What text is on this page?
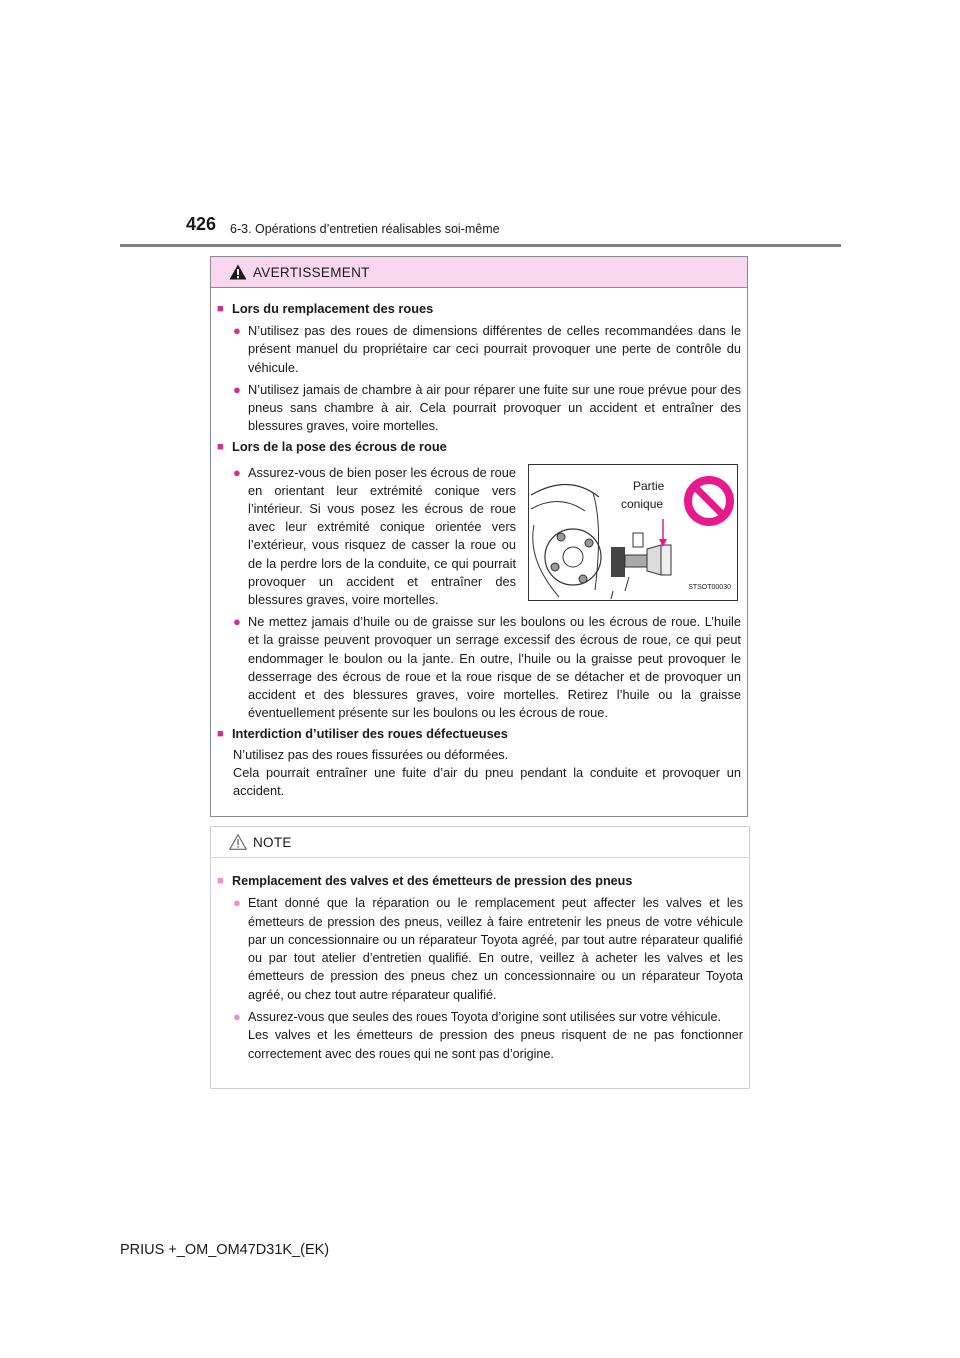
426 6-3. Opérations d’entretien réalisables soi-même
AVERTISSEMENT
■ Lors du remplacement des roues
● N’utilisez pas des roues de dimensions différentes de celles recommandées dans le présent manuel du propriétaire car ceci pourrait provoquer une perte de contrôle du véhicule.
● N’utilisez jamais de chambre à air pour réparer une fuite sur une roue prévue pour des pneus sans chambre à air. Cela pourrait provoquer un accident et entraîner des blessures graves, voire mortelles.
■ Lors de la pose des écrous de roue
● Assurez-vous de bien poser les écrous de roue en orientant leur extrémité conique vers l’intérieur. Si vous posez les écrous de roue avec leur extrémité conique orientée vers l’extérieur, vous risquez de casser la roue ou de la perdre lors de la conduite, ce qui pourrait provoquer un accident et entraîner des blessures graves, voire mortelles.
Partie
conique
STSOT00030
● Ne mettez jamais d’huile ou de graisse sur les boulons ou les écrous de roue. L’huile et la graisse peuvent provoquer un serrage excessif des écrous de roue, ce qui peut endommager le boulon ou la jante. En outre, l’huile ou la graisse peut provoquer le desserrage des écrous de roue et la roue risque de se détacher et de provoquer un accident et des blessures graves, voire mortelles. Retirez l’huile ou la graisse éventuellement présente sur les boulons ou les écrous de roue.
■ Interdiction d’utiliser des roues défectueuses
N’utilisez pas des roues fissurées ou déformées.
Cela pourrait entraîner une fuite d’air du pneu pendant la conduite et provoquer un accident.
NOTE
■ Remplacement des valves et des émetteurs de pression des pneus
● Etant donné que la réparation ou le remplacement peut affecter les valves et les émetteurs de pression des pneus, veillez à faire entretenir les pneus de votre véhicule par un concessionnaire ou un réparateur Toyota agréé, par tout autre réparateur qualifié ou par tout atelier d’entretien qualifié. En outre, veillez à acheter les valves et les émetteurs de pression des pneus chez un concessionnaire ou un réparateur Toyota agréé, ou chez tout autre réparateur qualifié.
● Assurez-vous que seules des roues Toyota d’origine sont utilisées sur votre véhicule.
Les valves et les émetteurs de pression des pneus risquent de ne pas fonctionner correctement avec des roues qui ne sont pas d’origine.
PRIUS +_OM_OM47D31K_(EK)
